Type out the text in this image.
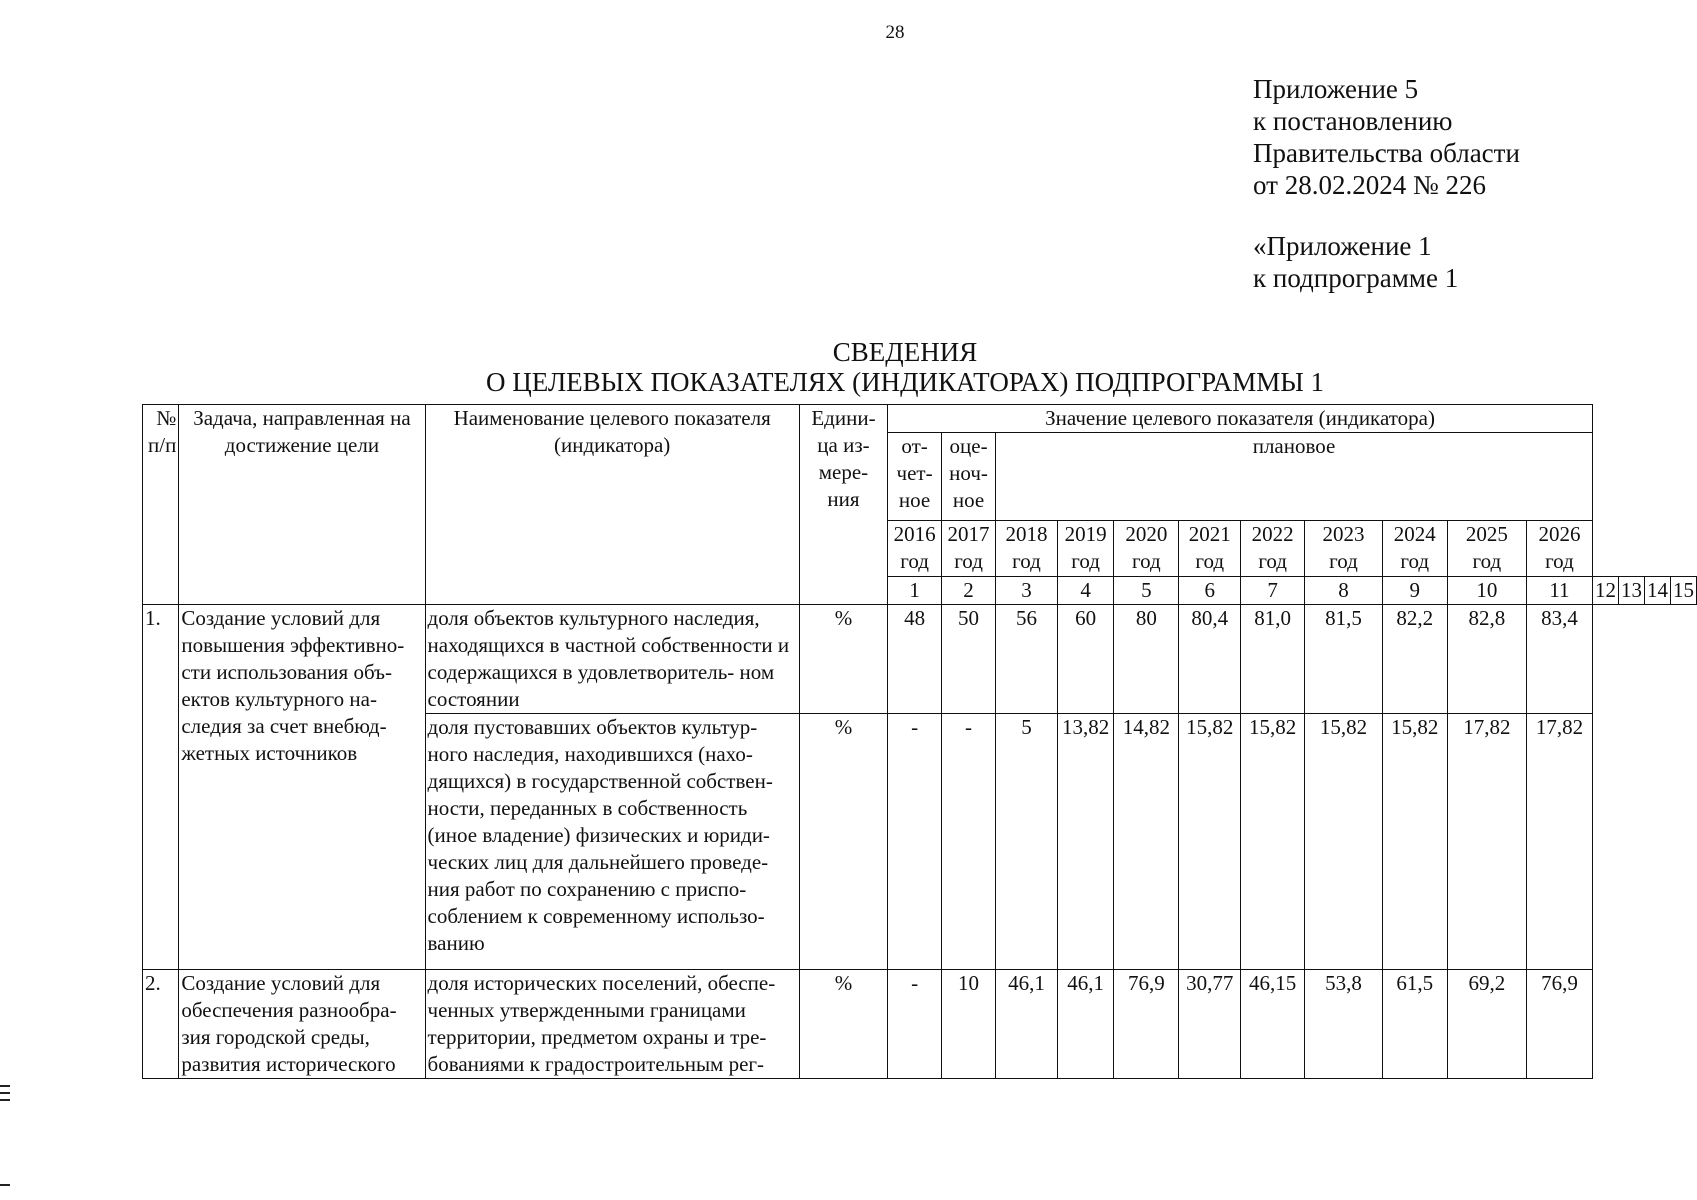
28
Приложение 5
к постановлению
Правительства области
от 28.02.2024 № 226
«Приложение 1
к подпрограмме 1
СВЕДЕНИЯ
О ЦЕЛЕВЫХ ПОКАЗАТЕЛЯХ (ИНДИКАТОРАХ) ПОДПРОГРАММЫ 1
№ п/п	Задача, направленная на достижение цели	Наименование целевого показателя (индикатора)	Едини- ца из- мере- ния	Значение целевого показателя (индикатора)														
				от- чет- ное	оце- ноч- ное	плановое												
				2016 год	2017 год	2018 год	2019 год	2020 год	2021 год	2022 год	2023 год	2024 год	2025 год	2026 год				
				1	2	3	4	5	6	7	8	9	10	11	12	13	14	15
1.	Создание условий для повышения эффективно- сти использования объ- ектов культурного на- следия за счет внебюд- жетных источников	доля объектов культурного наследия, находящихся в частной собственности и содержащихся в удовлетворитель- ном состоянии	%	48	50	56	60	80	80,4	81,0	81,5	82,2	82,8	83,4				
		доля пустовавших объектов культур- ного наследия, находившихся (нахо- дящихся) в государственной собствен- ности, переданных в собственность (иное владение) физических и юриди- ческих лиц для дальнейшего проведе- ния работ по сохранению с приспо- соблением к современному использо- ванию	%	-	-	5	13,82	14,82	15,82	15,82	15,82	15,82	17,82	17,82				
2.	Создание условий для обеспечения разнообра- зия городской среды, развития исторического	доля исторических поселений, обеспе- ченных утвержденными границами территории, предметом охраны и тре- бованиями к градостроительным рег-	%	-	10	46,1	46,1	76,9	30,77	46,15	53,8	61,5	69,2	76,9				
